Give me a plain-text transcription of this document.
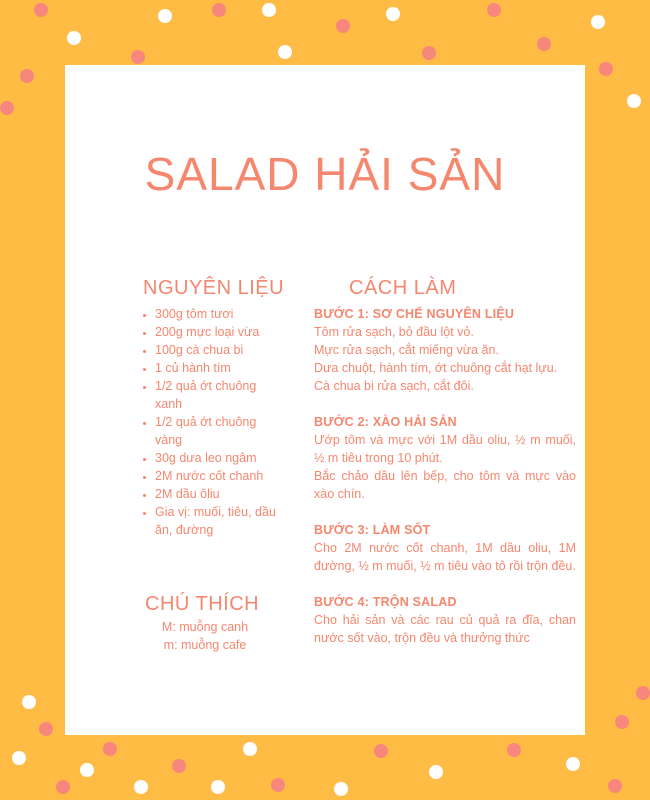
SALAD HẢI SẢN
NGUYÊN LIỆU
• 300g tôm tươi
• 200g mực loại vừa
• 100g cà chua bi
• 1 củ hành tím
• 1/2 quả ớt chuông xanh
• 1/2 quả ớt chuông vàng
• 30g dưa leo ngâm
• 2M nước cốt chanh
• 2M dầu ôliu
• Gia vị: muối, tiêu, dầu ăn, đường
CHÚ THÍCH
M: muỗng canh
m: muỗng cafe
CÁCH LÀM
BƯỚC 1: SƠ CHẾ NGUYÊN LIỆU
Tôm rửa sạch, bỏ đầu lột vỏ.
Mực rửa sạch, cắt miếng vừa ăn.
Dưa chuột, hành tím, ớt chuông cắt hạt lựu.
Cà chua bi rửa sạch, cắt đôi.
BƯỚC 2: XÀO HẢI SẢN
Ướp tôm và mực với 1M dầu oliu, ½ m muối, ½ m tiêu trong 10 phút.
Bắc chảo dầu lên bếp, cho tôm và mực vào xào chín.
BƯỚC 3: LÀM SỐT
Cho 2M nước cốt chanh, 1M dầu oliu, 1M đường, ½ m muối, ½ m tiêu vào tô rồi trộn đều.
BƯỚC 4: TRỘN SALAD
Cho hải sản và các rau củ quả ra đĩa, chan nước sốt vào, trộn đều và thưởng thức
